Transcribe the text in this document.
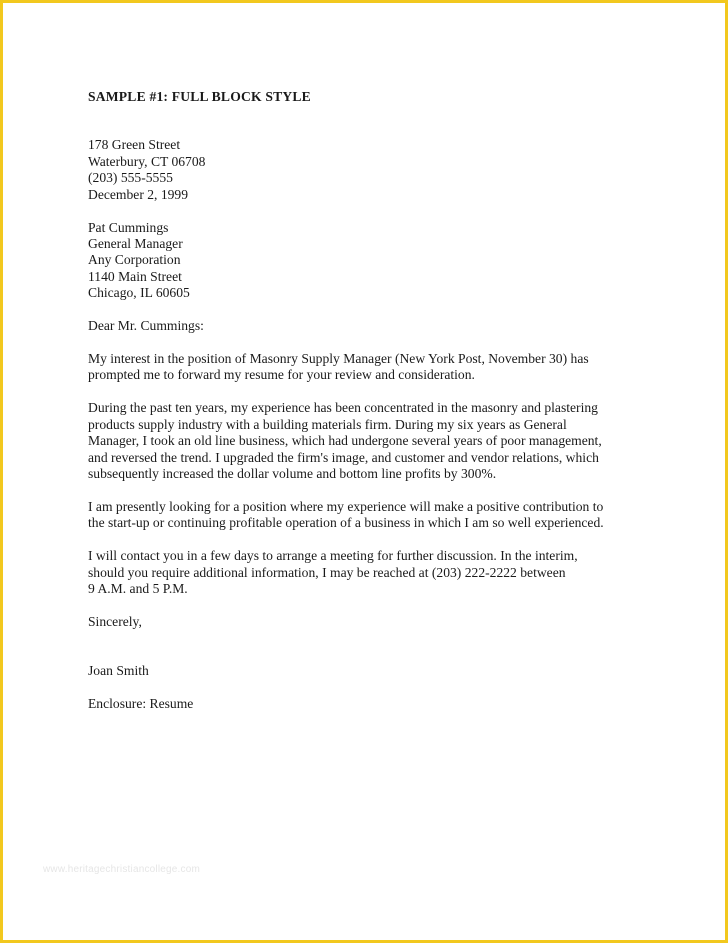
SAMPLE #1: FULL BLOCK STYLE
178 Green Street
Waterbury, CT 06708
(203) 555-5555
December 2, 1999
Pat Cummings
General Manager
Any Corporation
1140 Main Street
Chicago, IL 60605
Dear Mr. Cummings:
My interest in the position of Masonry Supply Manager (New York Post, November 30) has
prompted me to forward my resume for your review and consideration.
During the past ten years, my experience has been concentrated in the masonry and plastering
products supply industry with a building materials firm. During my six years as General
Manager, I took an old line business, which had undergone several years of poor management,
and reversed the trend. I upgraded the firm's image, and customer and vendor relations, which
subsequently increased the dollar volume and bottom line profits by 300%.
I am presently looking for a position where my experience will make a positive contribution to
the start-up or continuing profitable operation of a business in which I am so well experienced.
I will contact you in a few days to arrange a meeting for further discussion. In the interim,
should you require additional information, I may be reached at (203) 222-2222 between
9 A.M. and 5 P.M.
Sincerely,
Joan Smith
Enclosure: Resume
www.heritagechristiancollege.com
